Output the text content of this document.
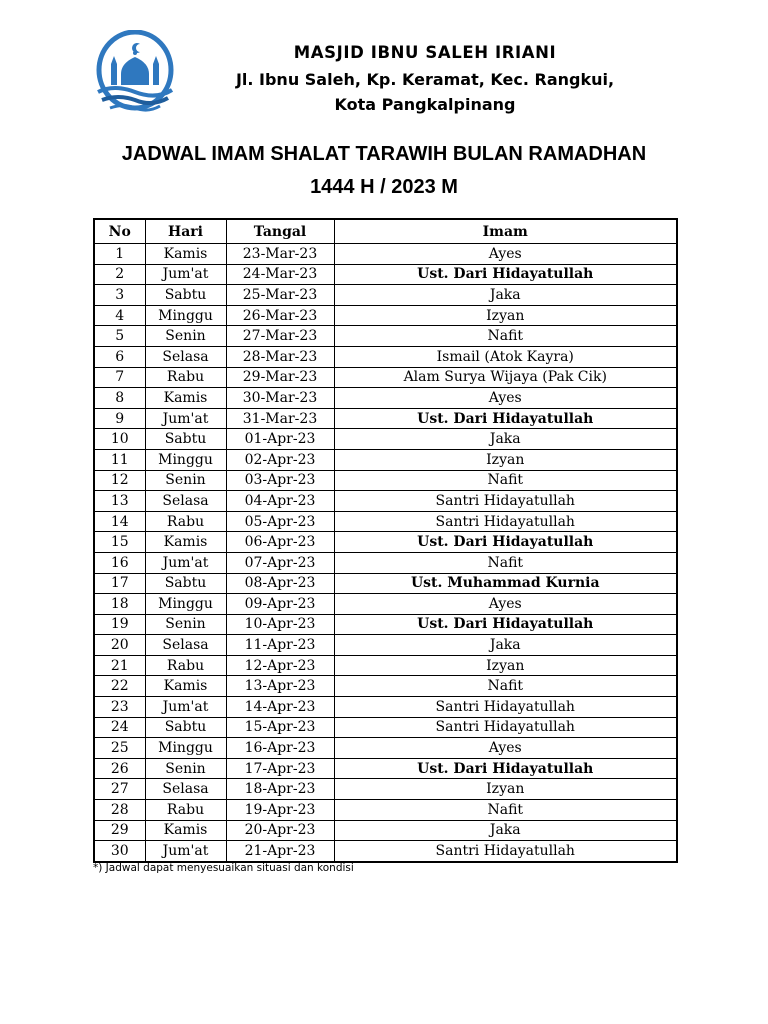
MASJID IBNU SALEH IRIANI
Jl. Ibnu Saleh, Kp. Keramat, Kec. Rangkui,
Kota Pangkalpinang
JADWAL IMAM SHALAT TARAWIH BULAN RAMADHAN
1444 H / 2023 M
No	Hari	Tangal	Imam
1	Kamis	23-Mar-23	Ayes
2	Jum'at	24-Mar-23	Ust. Dari Hidayatullah
3	Sabtu	25-Mar-23	Jaka
4	Minggu	26-Mar-23	Izyan
5	Senin	27-Mar-23	Nafit
6	Selasa	28-Mar-23	Ismail (Atok Kayra)
7	Rabu	29-Mar-23	Alam Surya Wijaya (Pak Cik)
8	Kamis	30-Mar-23	Ayes
9	Jum'at	31-Mar-23	Ust. Dari Hidayatullah
10	Sabtu	01-Apr-23	Jaka
11	Minggu	02-Apr-23	Izyan
12	Senin	03-Apr-23	Nafit
13	Selasa	04-Apr-23	Santri Hidayatullah
14	Rabu	05-Apr-23	Santri Hidayatullah
15	Kamis	06-Apr-23	Ust. Dari Hidayatullah
16	Jum'at	07-Apr-23	Nafit
17	Sabtu	08-Apr-23	Ust. Muhammad Kurnia
18	Minggu	09-Apr-23	Ayes
19	Senin	10-Apr-23	Ust. Dari Hidayatullah
20	Selasa	11-Apr-23	Jaka
21	Rabu	12-Apr-23	Izyan
22	Kamis	13-Apr-23	Nafit
23	Jum'at	14-Apr-23	Santri Hidayatullah
24	Sabtu	15-Apr-23	Santri Hidayatullah
25	Minggu	16-Apr-23	Ayes
26	Senin	17-Apr-23	Ust. Dari Hidayatullah
27	Selasa	18-Apr-23	Izyan
28	Rabu	19-Apr-23	Nafit
29	Kamis	20-Apr-23	Jaka
30	Jum'at	21-Apr-23	Santri Hidayatullah
*) Jadwal dapat menyesuaikan situasi dan kondisi
